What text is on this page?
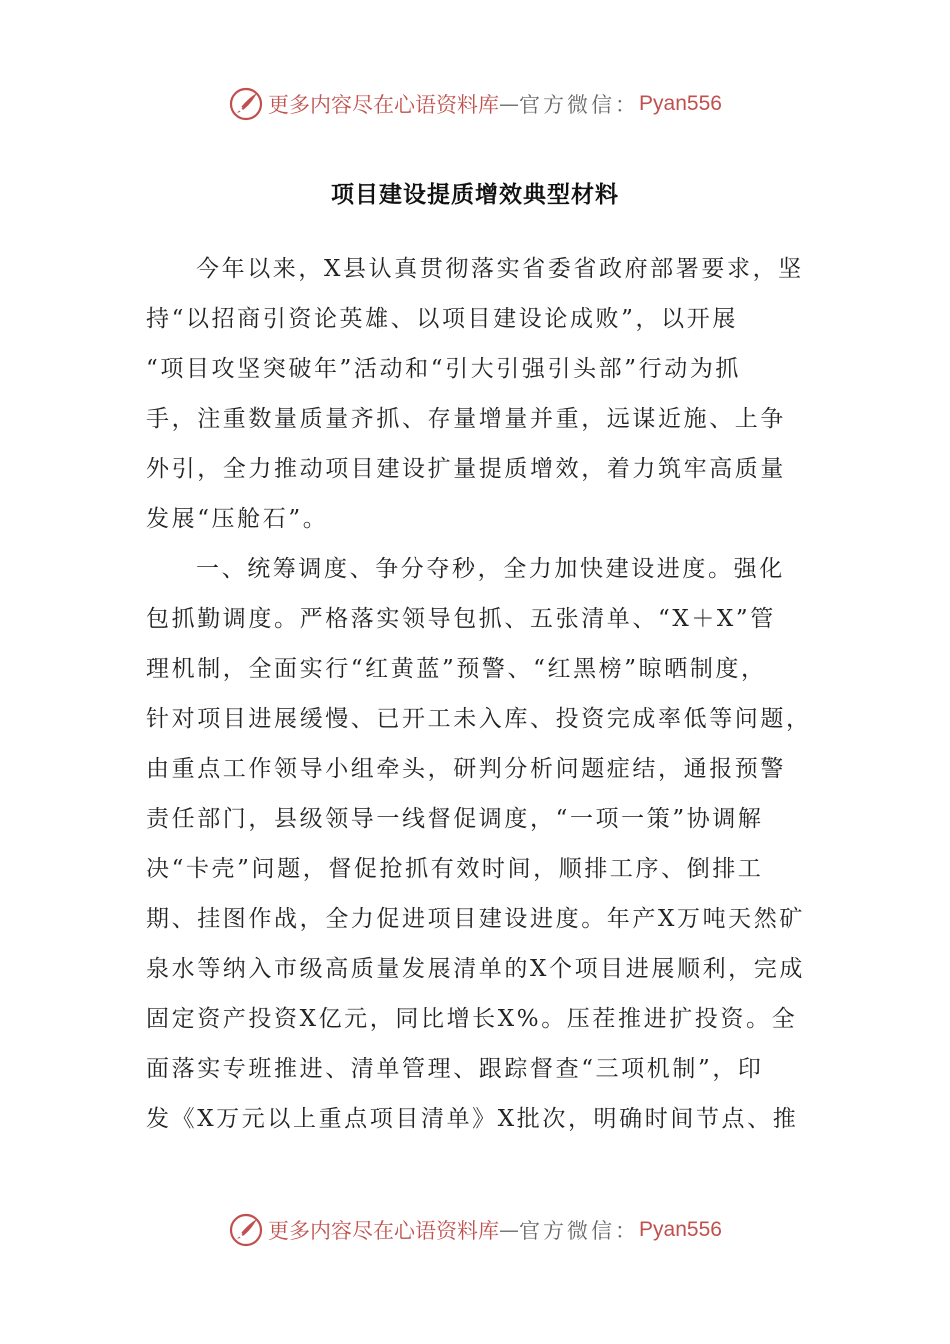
更多内容尽在心语资料库 — 官方微信： Pyan556
项目建设提质增效典型材料
今年以来，X县认真贯彻落实省委省政府部署要求，坚
持“以招商引资论英雄、以项目建设论成败”，以开展
“项目攻坚突破年”活动和“引大引强引头部”行动为抓
手，注重数量质量齐抓、存量增量并重，远谋近施、上争
外引，全力推动项目建设扩量提质增效，着力筑牢高质量
发展“压舱石”。
一、统筹调度、争分夺秒，全力加快建设进度。强化
包抓勤调度。严格落实领导包抓、五张清单、“X＋X”管
理机制，全面实行“红黄蓝”预警、“红黑榜”晾晒制度，
针对项目进展缓慢、已开工未入库、投资完成率低等问题，
由重点工作领导小组牵头，研判分析问题症结，通报预警
责任部门，县级领导一线督促调度，“一项一策”协调解
决“卡壳”问题，督促抢抓有效时间，顺排工序、倒排工
期、挂图作战，全力促进项目建设进度。年产X万吨天然矿
泉水等纳入市级高质量发展清单的X个项目进展顺利，完成
固定资产投资X亿元，同比增长X%。压茬推进扩投资。全
面落实专班推进、清单管理、跟踪督查“三项机制”，印
发《X万元以上重点项目清单》X批次，明确时间节点、推
更多内容尽在心语资料库 — 官方微信： Pyan556
